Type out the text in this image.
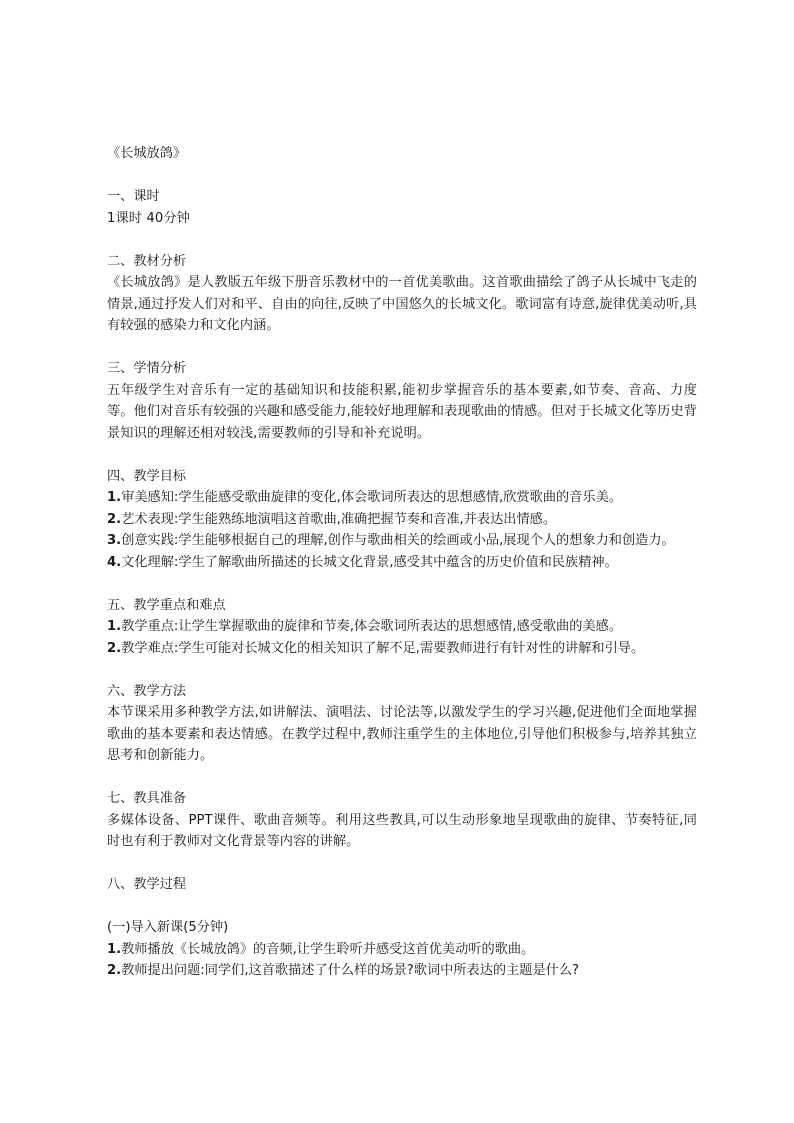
《长城放鸽》

一、课时

1课时 40分钟

二、教材分析

《长城放鸽》是人教版五年级下册音乐教材中的一首优美歌曲。这首歌曲描绘了鸽子从长城中飞走的情景,通过抒发人们对和平、自由的向往,反映了中国悠久的长城文化。歌词富有诗意,旋律优美动听,具有较强的感染力和文化内涵。

三、学情分析

五年级学生对音乐有一定的基础知识和技能积累,能初步掌握音乐的基本要素,如节奏、音高、力度等。他们对音乐有较强的兴趣和感受能力,能较好地理解和表现歌曲的情感。但对于长城文化等历史背景知识的理解还相对较浅,需要教师的引导和补充说明。

四、教学目标

1.审美感知:学生能感受歌曲旋律的变化,体会歌词所表达的思想感情,欣赏歌曲的音乐美。

2.艺术表现:学生能熟练地演唱这首歌曲,准确把握节奏和音准,并表达出情感。

3.创意实践:学生能够根据自己的理解,创作与歌曲相关的绘画或小品,展现个人的想象力和创造力。

4.文化理解:学生了解歌曲所描述的长城文化背景,感受其中蕴含的历史价值和民族精神。

五、教学重点和难点

1.教学重点:让学生掌握歌曲的旋律和节奏,体会歌词所表达的思想感情,感受歌曲的美感。

2.教学难点:学生可能对长城文化的相关知识了解不足,需要教师进行有针对性的讲解和引导。

六、教学方法

本节课采用多种教学方法,如讲解法、演唱法、讨论法等,以激发学生的学习兴趣,促进他们全面地掌握歌曲的基本要素和表达情感。在教学过程中,教师注重学生的主体地位,引导他们积极参与,培养其独立思考和创新能力。

七、教具准备

多媒体设备、PPT课件、歌曲音频等。利用这些教具,可以生动形象地呈现歌曲的旋律、节奏特征,同时也有利于教师对文化背景等内容的讲解。

八、教学过程

(一)导入新课(5分钟)

1.教师播放《长城放鸽》的音频,让学生聆听并感受这首优美动听的歌曲。

2.教师提出问题:同学们,这首歌描述了什么样的场景?歌词中所表达的主题是什么?
